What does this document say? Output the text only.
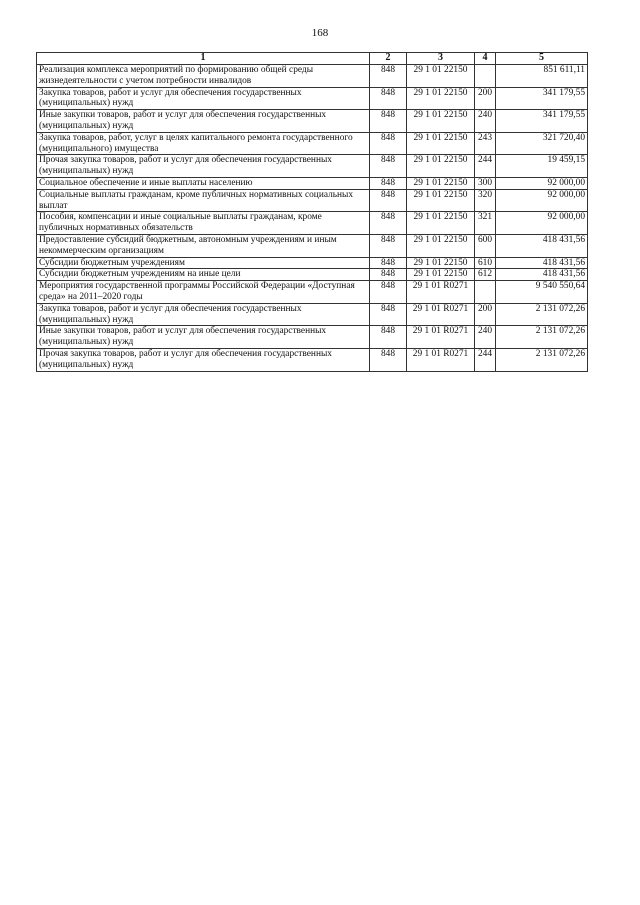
168
1	2	3	4	5
Реализация комплекса мероприятий по формированию общей среды жизнедеятельности с учетом потребности инвалидов	848	29 1 01 22150		851 611,11
Закупка товаров, работ и услуг для обеспечения государственных (муниципальных) нужд	848	29 1 01 22150	200	341 179,55
Иные закупки товаров, работ и услуг для обеспечения государственных (муниципальных) нужд	848	29 1 01 22150	240	341 179,55
Закупка товаров, работ, услуг в целях капитального ремонта государственного (муниципального) имущества	848	29 1 01 22150	243	321 720,40
Прочая закупка товаров, работ и услуг для обеспечения государственных (муниципальных) нужд	848	29 1 01 22150	244	19 459,15
Социальное обеспечение и иные выплаты населению	848	29 1 01 22150	300	92 000,00
Социальные выплаты гражданам, кроме публичных нормативных социальных выплат	848	29 1 01 22150	320	92 000,00
Пособия, компенсации и иные социальные выплаты гражданам, кроме публичных нормативных обязательств	848	29 1 01 22150	321	92 000,00
Предоставление субсидий бюджетным, автономным учреждениям и иным некоммерческим организациям	848	29 1 01 22150	600	418 431,56
Субсидии бюджетным учреждениям	848	29 1 01 22150	610	418 431,56
Субсидии бюджетным учреждениям на иные цели	848	29 1 01 22150	612	418 431,56
Мероприятия государственной программы Российской Федерации «Доступная среда» на 2011–2020 годы	848	29 1 01 R0271		9 540 550,64
Закупка товаров, работ и услуг для обеспечения государственных (муниципальных) нужд	848	29 1 01 R0271	200	2 131 072,26
Иные закупки товаров, работ и услуг для обеспечения государственных (муниципальных) нужд	848	29 1 01 R0271	240	2 131 072,26
Прочая закупка товаров, работ и услуг для обеспечения государственных (муниципальных) нужд	848	29 1 01 R0271	244	2 131 072,26
